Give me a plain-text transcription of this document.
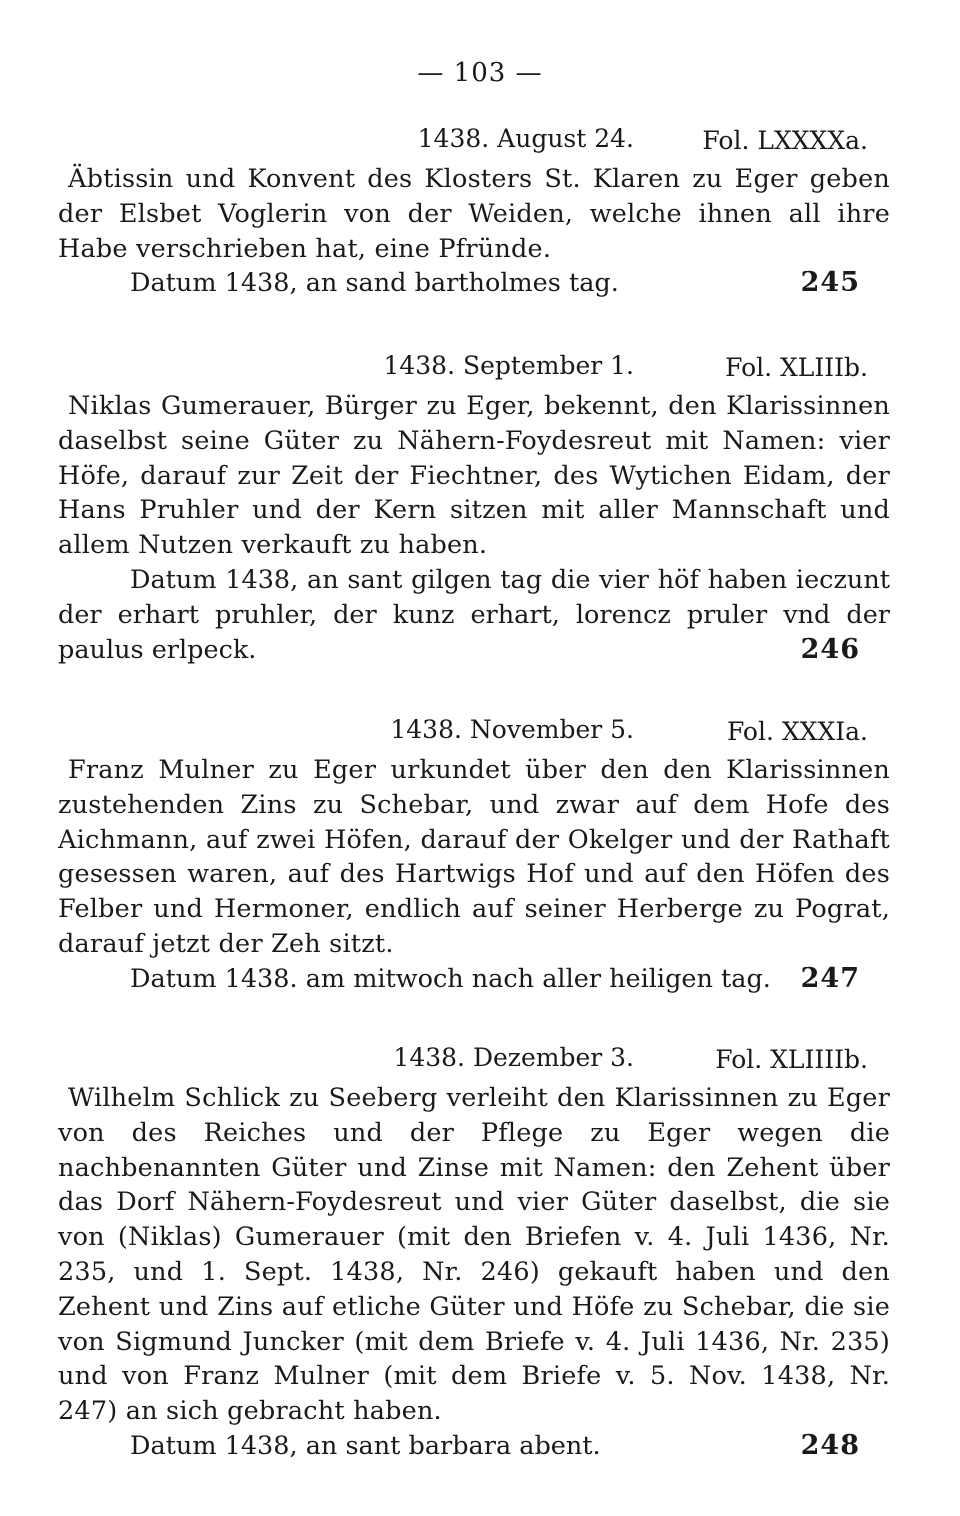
— 103 —
1438. August 24.	Fol. LXXXXa.

Äbtissin und Konvent des Klosters St. Klaren zu Eger geben der Elsbet Voglerin von der Weiden, welche ihnen all ihre Habe verschrieben hat, eine Pfründe.

Datum 1438, an sand bartholmes tag.	245

1438. September 1.	Fol. XLIIIb.

Niklas Gumerauer, Bürger zu Eger, bekennt, den Klarissinnen daselbst seine Güter zu Nähern-Foydesreut mit Namen: vier Höfe, darauf zur Zeit der Fiechtner, des Wytichen Eidam, der Hans Pruhler und der Kern sitzen mit aller Mannschaft und allem Nutzen verkauft zu haben.

Datum 1438, an sant gilgen tag die vier höf haben ieczunt der erhart pruhler, der kunz erhart, lorencz pruler vnd der paulus erlpeck.	246

1438. November 5.	Fol. XXXIa.

Franz Mulner zu Eger urkundet über den den Klarissinnen zustehenden Zins zu Schebar, und zwar auf dem Hofe des Aichmann, auf zwei Höfen, darauf der Okelger und der Rathaft gesessen waren, auf des Hartwigs Hof und auf den Höfen des Felber und Hermoner, endlich auf seiner Herberge zu Pograt, darauf jetzt der Zeh sitzt.

Datum 1438. am mitwoch nach aller heiligen tag. 247

1438. Dezember 3.	Fol. XLIIIIb.

Wilhelm Schlick zu Seeberg verleiht den Klarissinnen zu Eger von des Reiches und der Pflege zu Eger wegen die nachbenannten Güter und Zinse mit Namen: den Zehent über das Dorf Nähern-Foydesreut und vier Güter daselbst, die sie von (Niklas) Gumerauer (mit den Briefen v. 4. Juli 1436, Nr. 235, und 1. Sept. 1438, Nr. 246) gekauft haben und den Zehent und Zins auf etliche Güter und Höfe zu Schebar, die sie von Sigmund Juncker (mit dem Briefe v. 4. Juli 1436, Nr. 235) und von Franz Mulner (mit dem Briefe v. 5. Nov. 1438, Nr. 247) an sich gebracht haben.

Datum 1438, an sant barbara abent.	248
